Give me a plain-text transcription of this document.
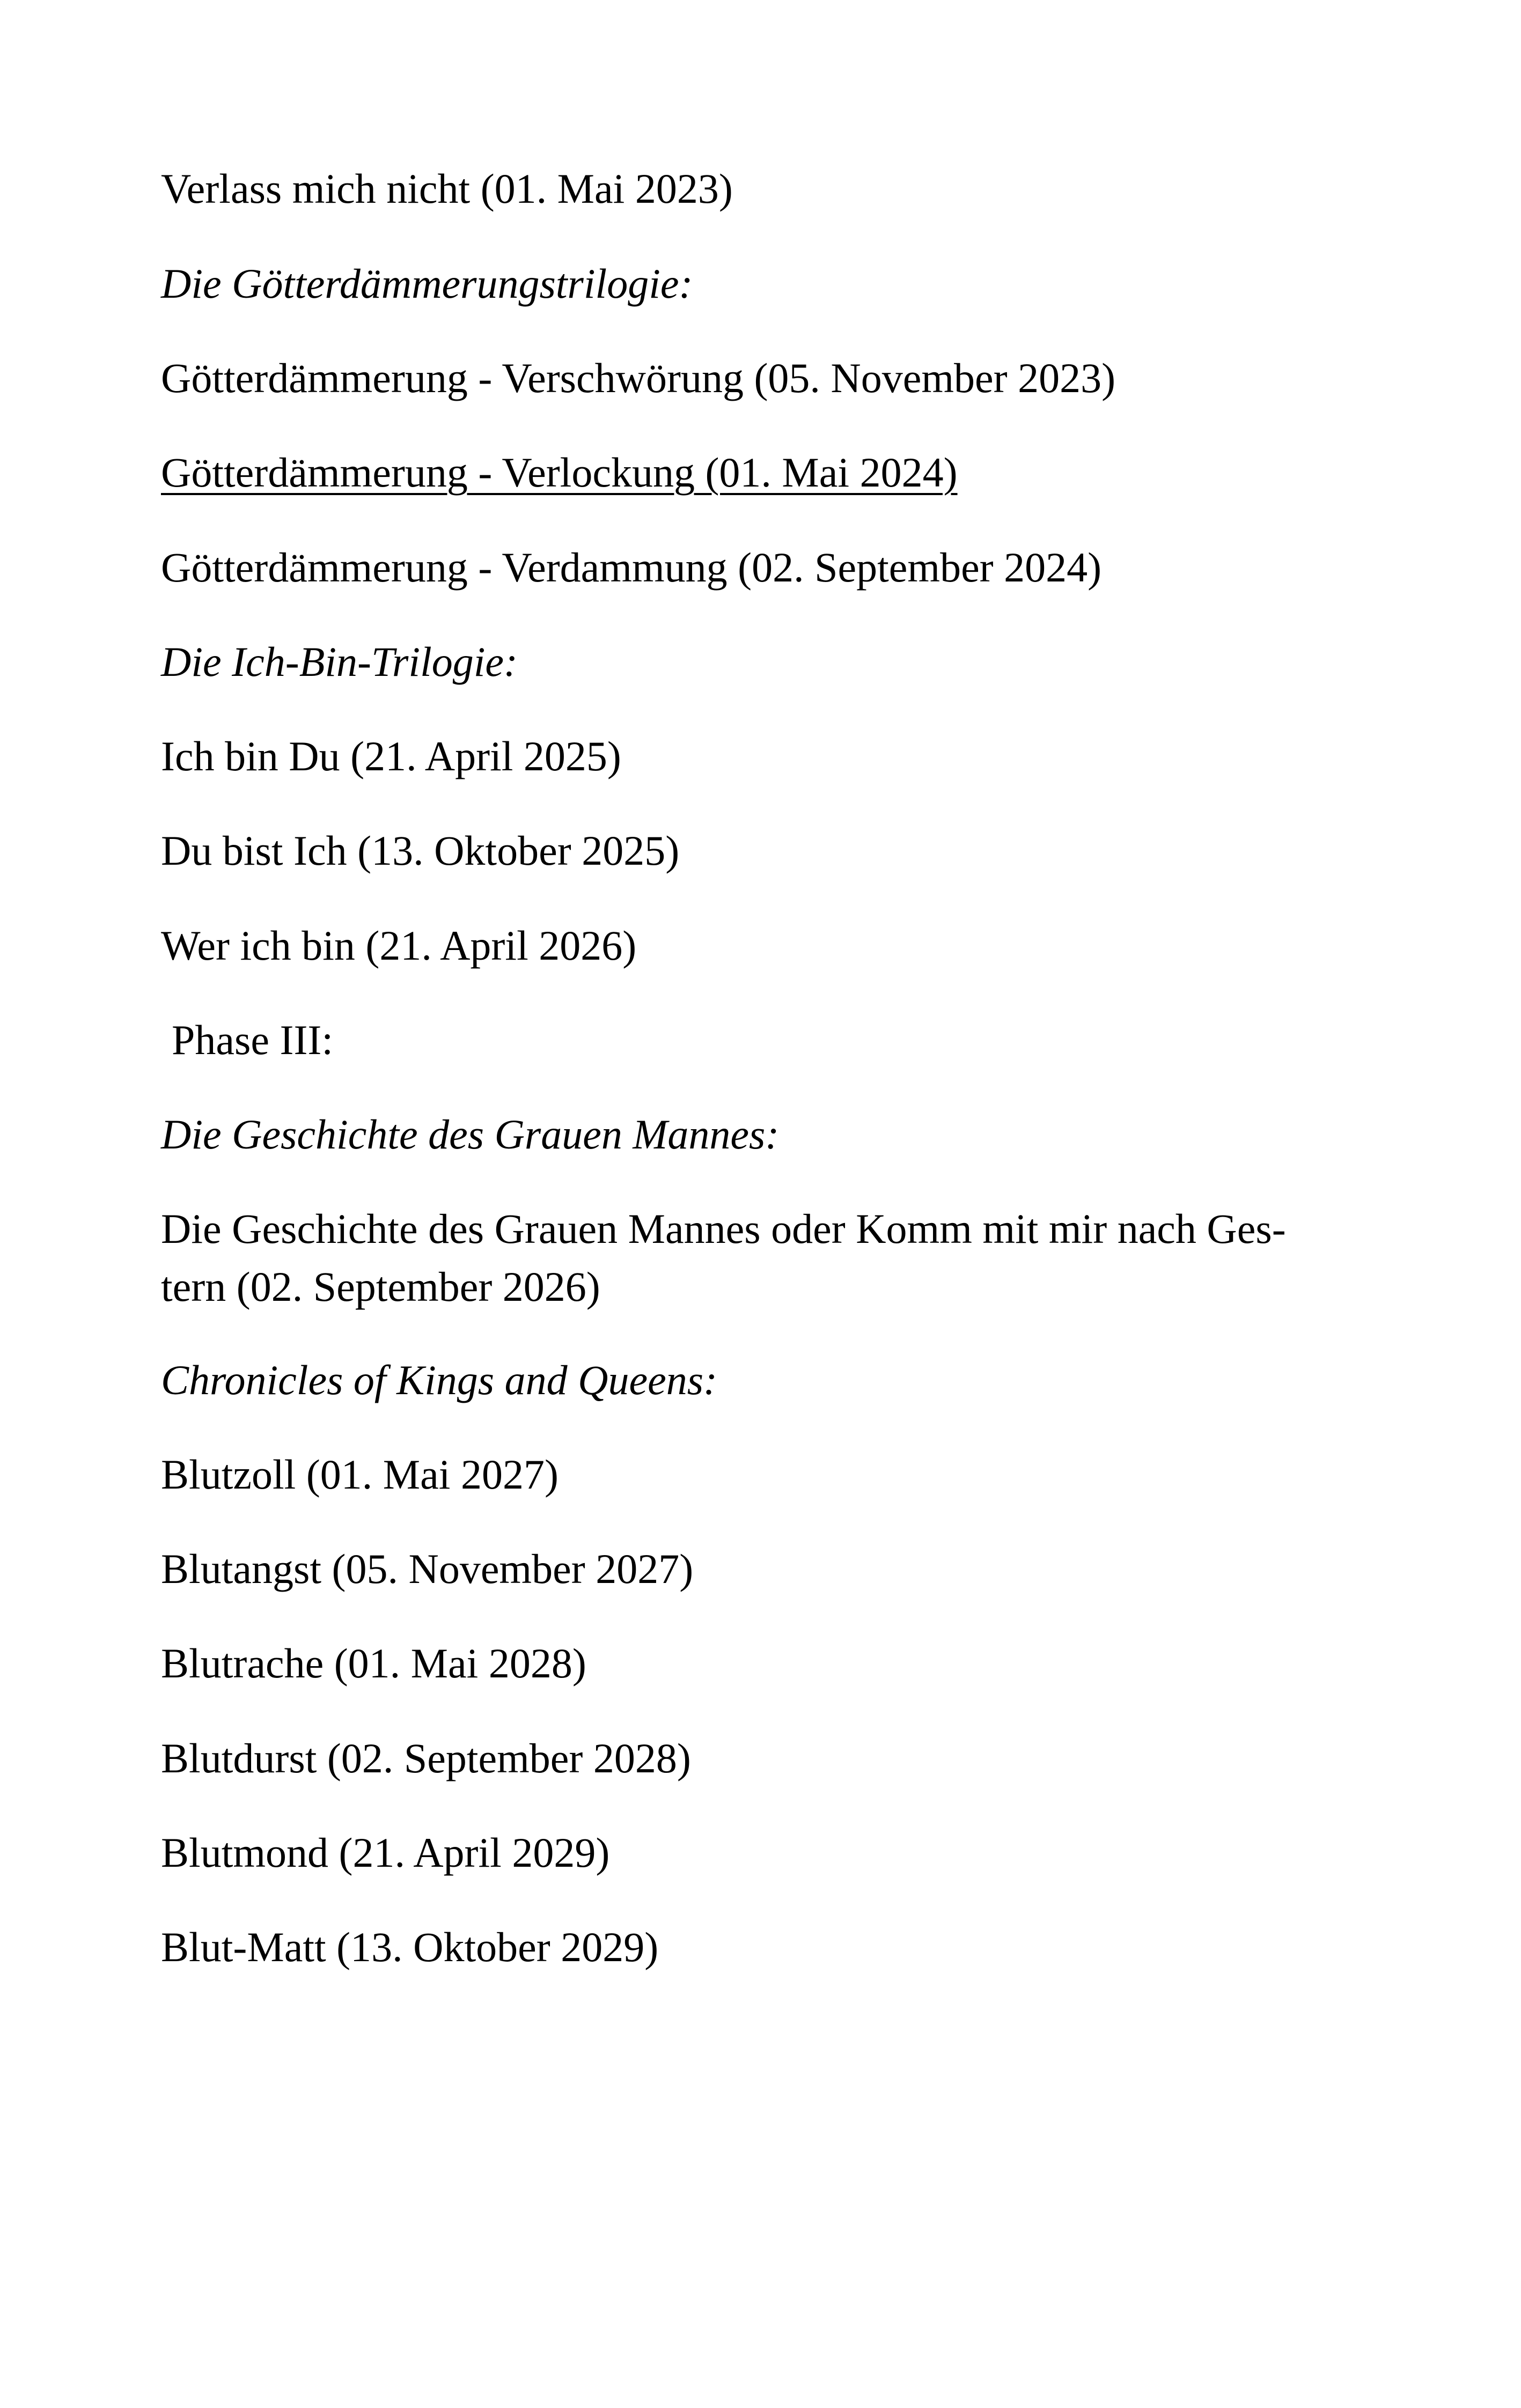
Verlass mich nicht (01. Mai 2023)
Die Götterdämmerungstrilogie:
Götterdämmerung - Verschwörung (05. November 2023)
Götterdämmerung - Verlockung (01. Mai 2024)
Götterdämmerung - Verdammung (02. September 2024)
Die Ich-Bin-Trilogie:
Ich bin Du (21. April 2025)
Du bist Ich (13. Oktober 2025)
Wer ich bin (21. April 2026)
Phase III:
Die Geschichte des Grauen Mannes:
Die Geschichte des Grauen Mannes oder Komm mit mir nach Ges-
tern (02. September 2026)
Chronicles of Kings and Queens:
Blutzoll (01. Mai 2027)
Blutangst (05. November 2027)
Blutrache (01. Mai 2028)
Blutdurst (02. September 2028)
Blutmond (21. April 2029)
Blut-Matt (13. Oktober 2029)
